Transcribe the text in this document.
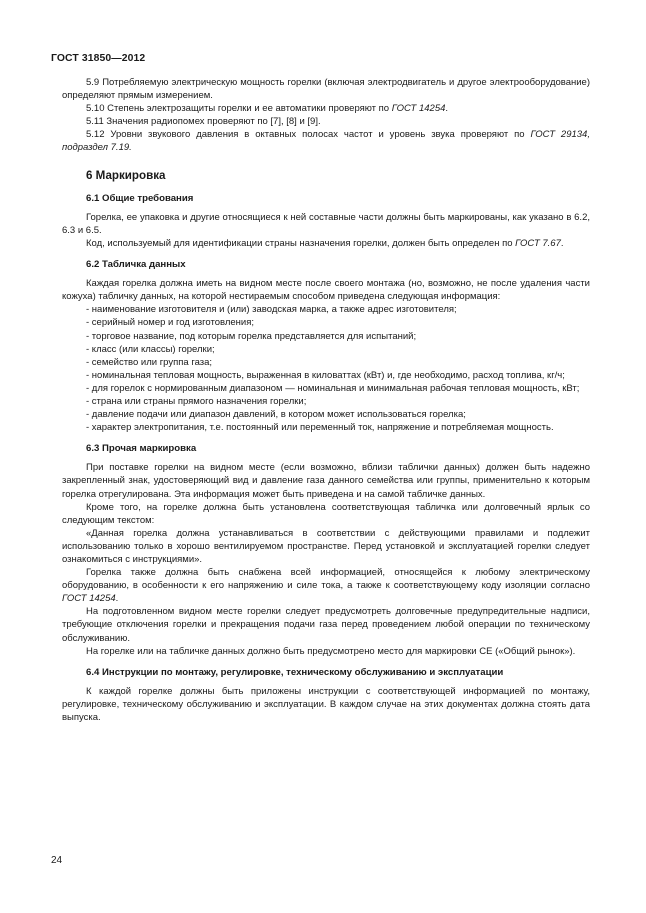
ГОСТ 31850—2012

5.9 Потребляемую электрическую мощность горелки (включая электродвигатель и другое электрооборудование) определяют прямым измерением.

5.10 Степень электрозащиты горелки и ее автоматики проверяют по ГОСТ 14254.

5.11 Значения радиопомех проверяют по [7], [8] и [9].

5.12 Уровни звукового давления в октавных полосах частот и уровень звука проверяют по ГОСТ 29134, подраздел 7.19.

6 Маркировка
6.1 Общие требования

Горелка, ее упаковка и другие относящиеся к ней составные части должны быть маркированы, как указано в 6.2, 6.3 и 6.5.

Код, используемый для идентификации страны назначения горелки, должен быть определен по ГОСТ 7.67.

6.2 Табличка данных

Каждая горелка должна иметь на видном месте после своего монтажа (но, возможно, не после удаления части кожуха) табличку данных, на которой нестираемым способом приведена следующая информация:

- наименование изготовителя и (или) заводская марка, а также адрес изготовителя;

- серийный номер и год изготовления;

- торговое название, под которым горелка представляется для испытаний;

- класс (или классы) горелки;

- семейство или группа газа;

- номинальная тепловая мощность, выраженная в киловаттах (кВт) и, где необходимо, расход топлива, кг/ч;

- для горелок с нормированным диапазоном — номинальная и минимальная рабочая тепловая мощность, кВт;

- страна или страны прямого назначения горелки;

- давление подачи или диапазон давлений, в котором может использоваться горелка;

- характер электропитания, т.е. постоянный или переменный ток, напряжение и потребляемая мощность.

6.3 Прочая маркировка

При поставке горелки на видном месте (если возможно, вблизи таблички данных) должен быть надежно закрепленный знак, удостоверяющий вид и давление газа данного семейства или группы, применительно к которым горелка отрегулирована. Эта информация может быть приведена и на самой табличке данных.

Кроме того, на горелке должна быть установлена соответствующая табличка или долговечный ярлык со следующим текстом:

«Данная горелка должна устанавливаться в соответствии с действующими правилами и подлежит использованию только в хорошо вентилируемом пространстве. Перед установкой и эксплуатацией горелки следует ознакомиться с инструкциями».

Горелка также должна быть снабжена всей информацией, относящейся к любому электрическому оборудованию, в особенности к его напряжению и силе тока, а также к соответствующему коду изоляции согласно ГОСТ 14254.

На подготовленном видном месте горелки следует предусмотреть долговечные предупредительные надписи, требующие отключения горелки и прекращения подачи газа перед проведением любой операции по техническому обслуживанию.

На горелке или на табличке данных должно быть предусмотрено место для маркировки СЕ («Общий рынок»).

6.4 Инструкции по монтажу, регулировке, техническому обслуживанию и эксплуатации

К каждой горелке должны быть приложены инструкции с соответствующей информацией по монтажу, регулировке, техническому обслуживанию и эксплуатации. В каждом случае на этих документах должна стоять дата выпуска.

24
